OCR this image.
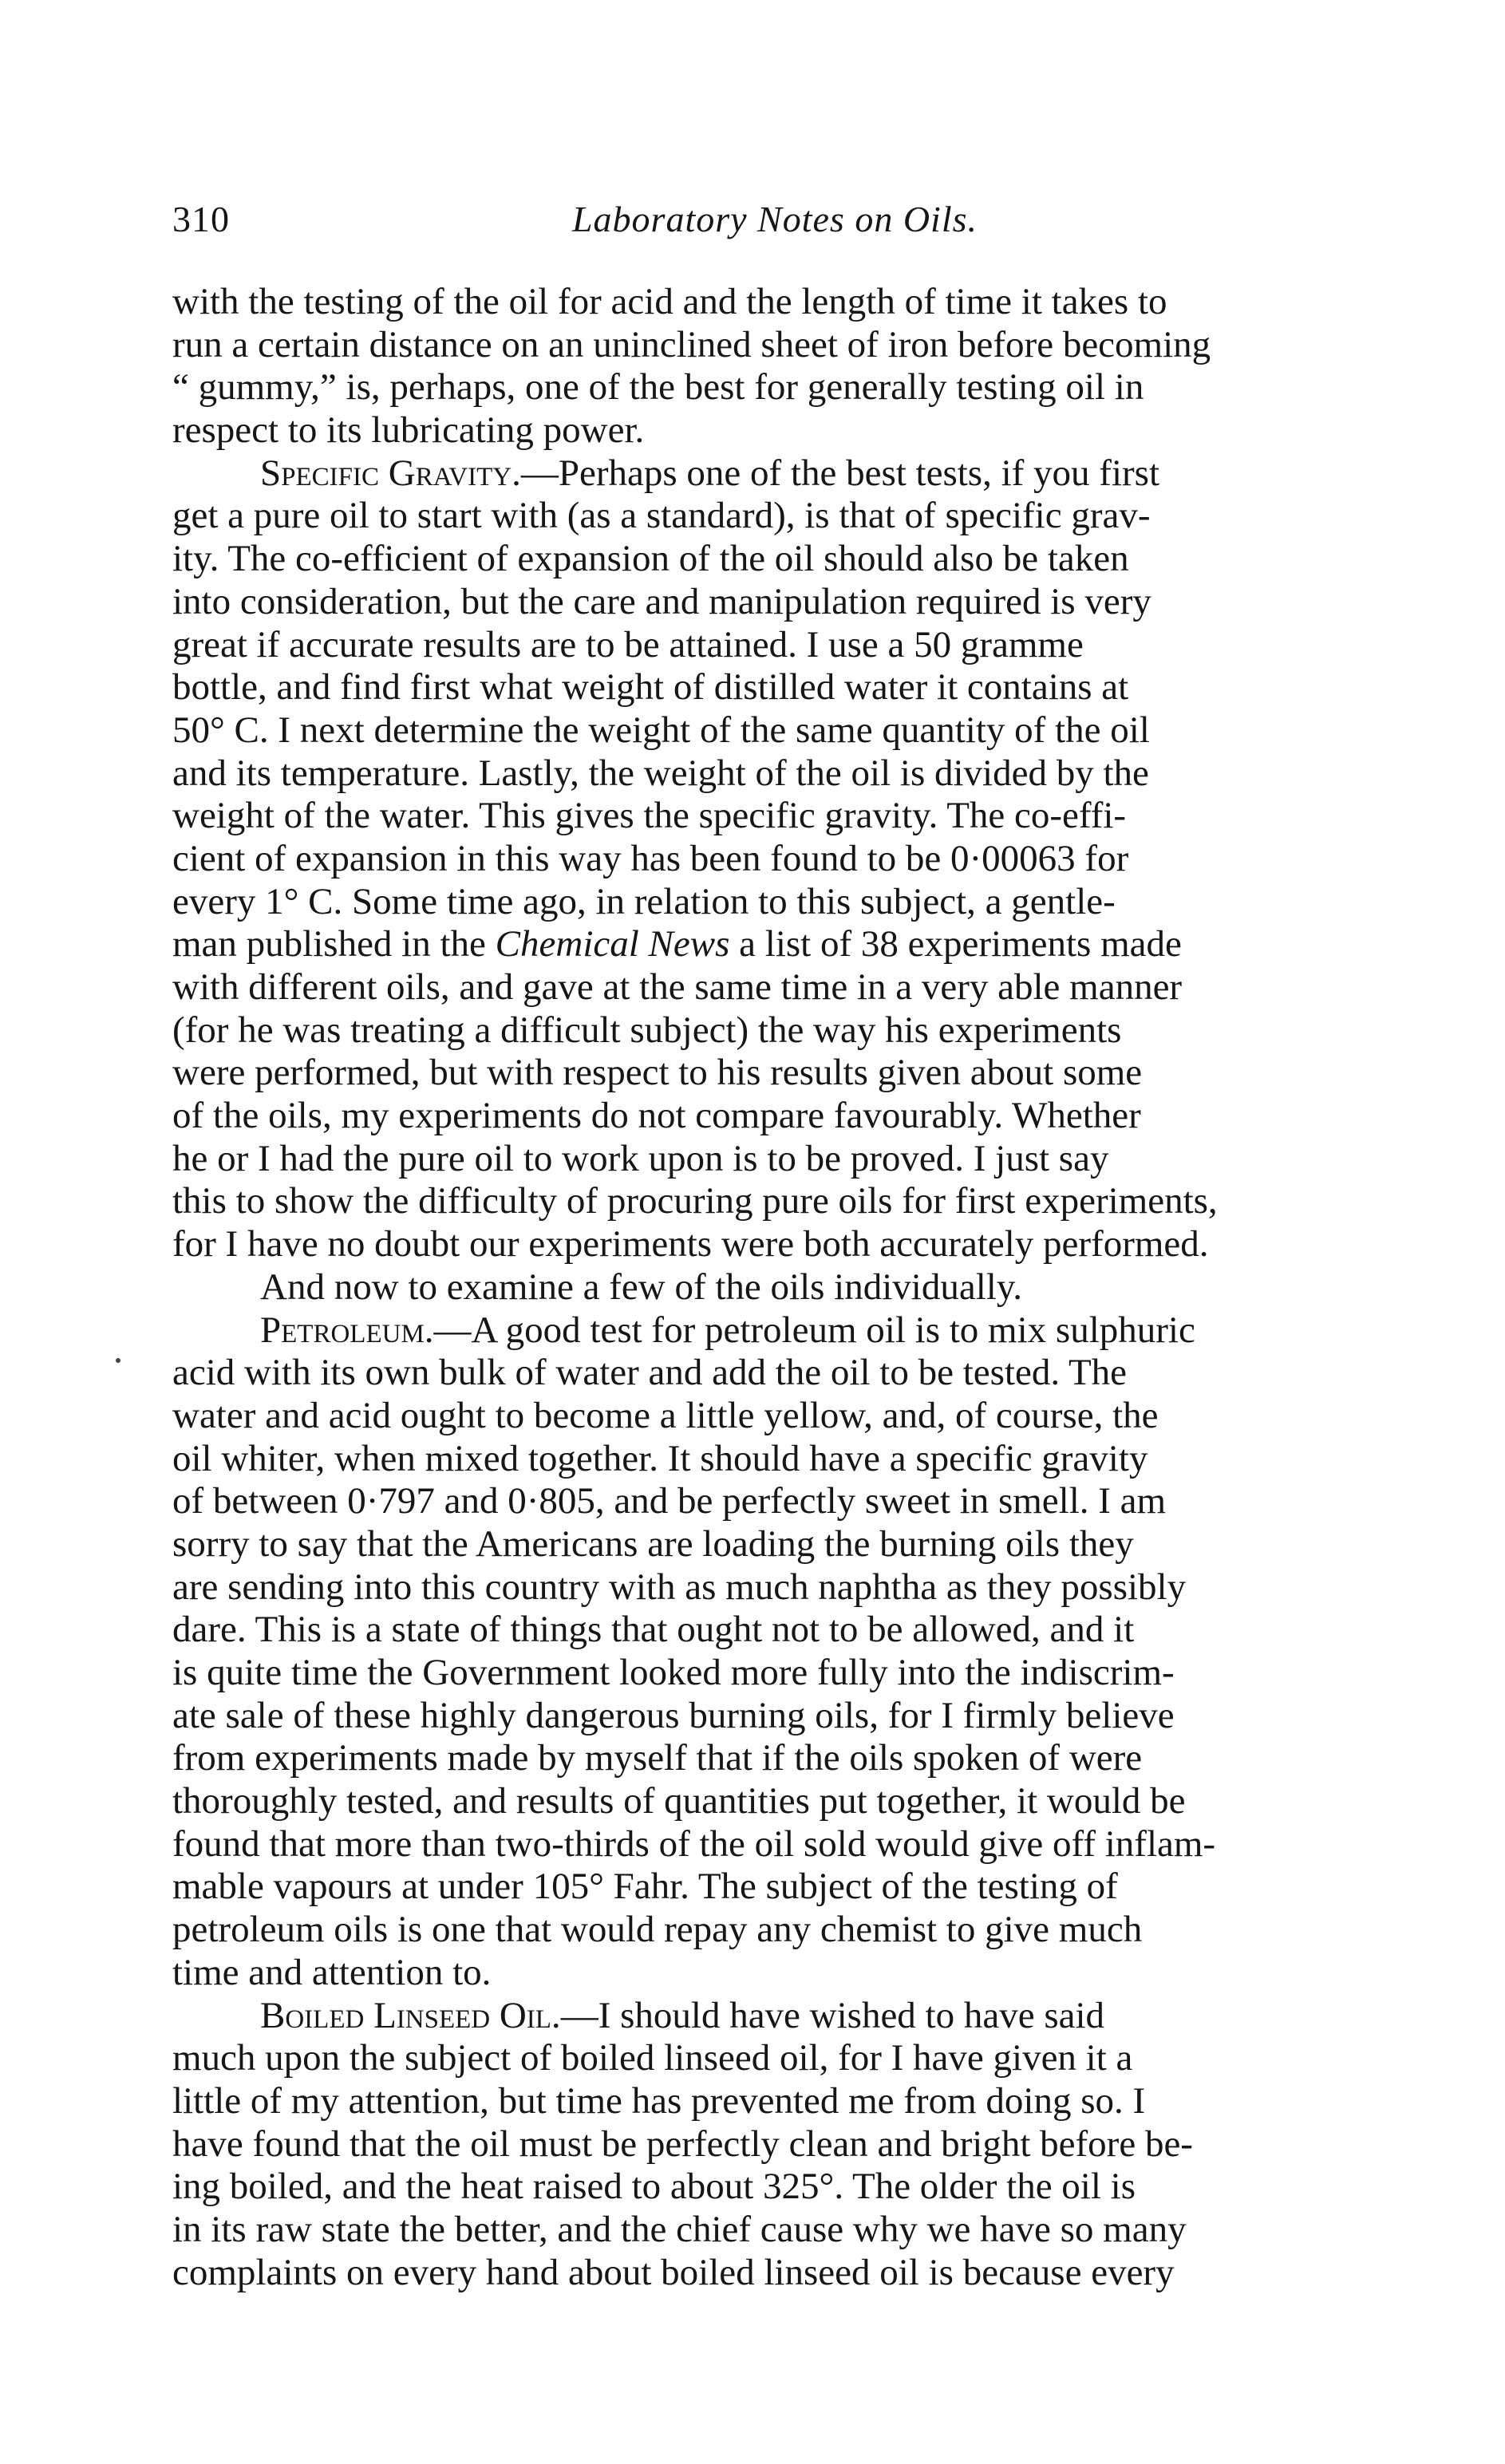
310	Laboratory Notes on Oils.
with the testing of the oil for acid and the length of time it takes to
run a certain distance on an uninclined sheet of iron before becoming
“ gummy,” is, perhaps, one of the best for generally testing oil in
respect to its lubricating power.
Specific Gravity.—Perhaps one of the best tests, if you first
get a pure oil to start with (as a standard), is that of specific grav-
ity. The co-efficient of expansion of the oil should also be taken
into consideration, but the care and manipulation required is very
great if accurate results are to be attained. I use a 50 gramme
bottle, and find first what weight of distilled water it contains at
50° C. I next determine the weight of the same quantity of the oil
and its temperature. Lastly, the weight of the oil is divided by the
weight of the water. This gives the specific gravity. The co-effi-
cient of expansion in this way has been found to be 0·00063 for
every 1° C. Some time ago, in relation to this subject, a gentle-
man published in the Chemical News a list of 38 experiments made
with different oils, and gave at the same time in a very able manner
(for he was treating a difficult subject) the way his experiments
were performed, but with respect to his results given about some
of the oils, my experiments do not compare favourably. Whether
he or I had the pure oil to work upon is to be proved. I just say
this to show the difficulty of procuring pure oils for first experiments,
for I have no doubt our experiments were both accurately performed.
And now to examine a few of the oils individually.
Petroleum.—A good test for petroleum oil is to mix sulphuric
acid with its own bulk of water and add the oil to be tested. The
water and acid ought to become a little yellow, and, of course, the
oil whiter, when mixed together. It should have a specific gravity
of between 0·797 and 0·805, and be perfectly sweet in smell. I am
sorry to say that the Americans are loading the burning oils they
are sending into this country with as much naphtha as they possibly
dare. This is a state of things that ought not to be allowed, and it
is quite time the Government looked more fully into the indiscrim-
ate sale of these highly dangerous burning oils, for I firmly believe
from experiments made by myself that if the oils spoken of were
thoroughly tested, and results of quantities put together, it would be
found that more than two-thirds of the oil sold would give off inflam-
mable vapours at under 105° Fahr. The subject of the testing of
petroleum oils is one that would repay any chemist to give much
time and attention to.
Boiled Linseed Oil.—I should have wished to have said
much upon the subject of boiled linseed oil, for I have given it a
little of my attention, but time has prevented me from doing so. I
have found that the oil must be perfectly clean and bright before be-
ing boiled, and the heat raised to about 325°. The older the oil is
in its raw state the better, and the chief cause why we have so many
complaints on every hand about boiled linseed oil is because every
